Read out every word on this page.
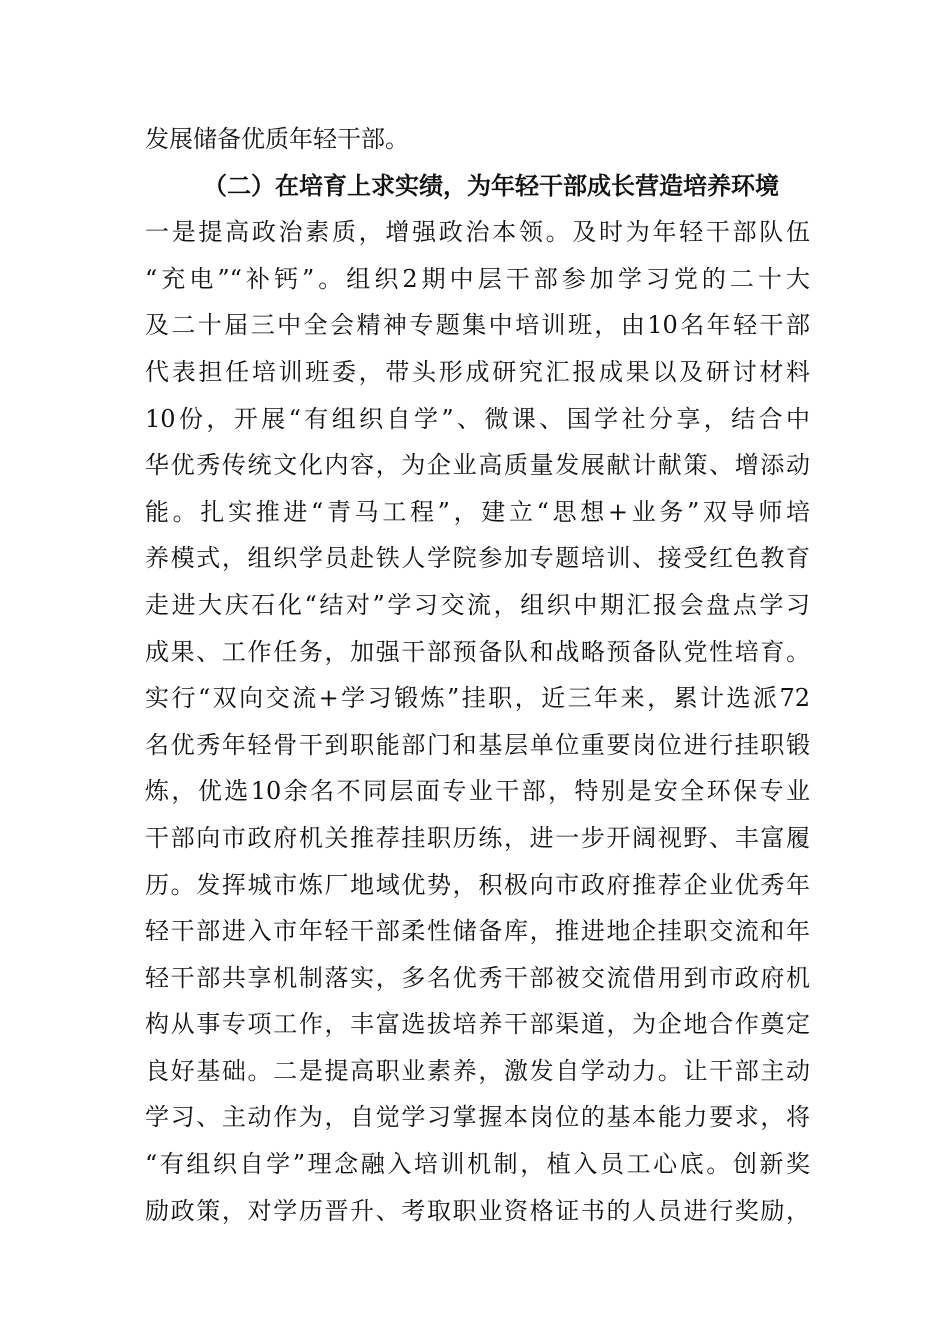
发展储备优质年轻干部。
（二）在培育上求实绩，为年轻干部成长营造培养环境
一是提高政治素质，增强政治本领。及时为年轻干部队伍
“充电”“补钙”。组织2期中层干部参加学习党的二十大
及二十届三中全会精神专题集中培训班，由10名年轻干部
代表担任培训班委，带头形成研究汇报成果以及研讨材料
10份，开展“有组织自学”、微课、国学社分享，结合中
华优秀传统文化内容，为企业高质量发展献计献策、增添动
能。扎实推进“青马工程”，建立“思想+业务”双导师培
养模式，组织学员赴铁人学院参加专题培训、接受红色教育
走进大庆石化“结对”学习交流，组织中期汇报会盘点学习
成果、工作任务，加强干部预备队和战略预备队党性培育。
实行“双向交流+学习锻炼”挂职，近三年来，累计选派72
名优秀年轻骨干到职能部门和基层单位重要岗位进行挂职锻
炼，优选10余名不同层面专业干部，特别是安全环保专业
干部向市政府机关推荐挂职历练，进一步开阔视野、丰富履
历。发挥城市炼厂地域优势，积极向市政府推荐企业优秀年
轻干部进入市年轻干部柔性储备库，推进地企挂职交流和年
轻干部共享机制落实，多名优秀干部被交流借用到市政府机
构从事专项工作，丰富选拔培养干部渠道，为企地合作奠定
良好基础。二是提高职业素养，激发自学动力。让干部主动
学习、主动作为，自觉学习掌握本岗位的基本能力要求，将
“有组织自学”理念融入培训机制，植入员工心底。创新奖
励政策，对学历晋升、考取职业资格证书的人员进行奖励，
